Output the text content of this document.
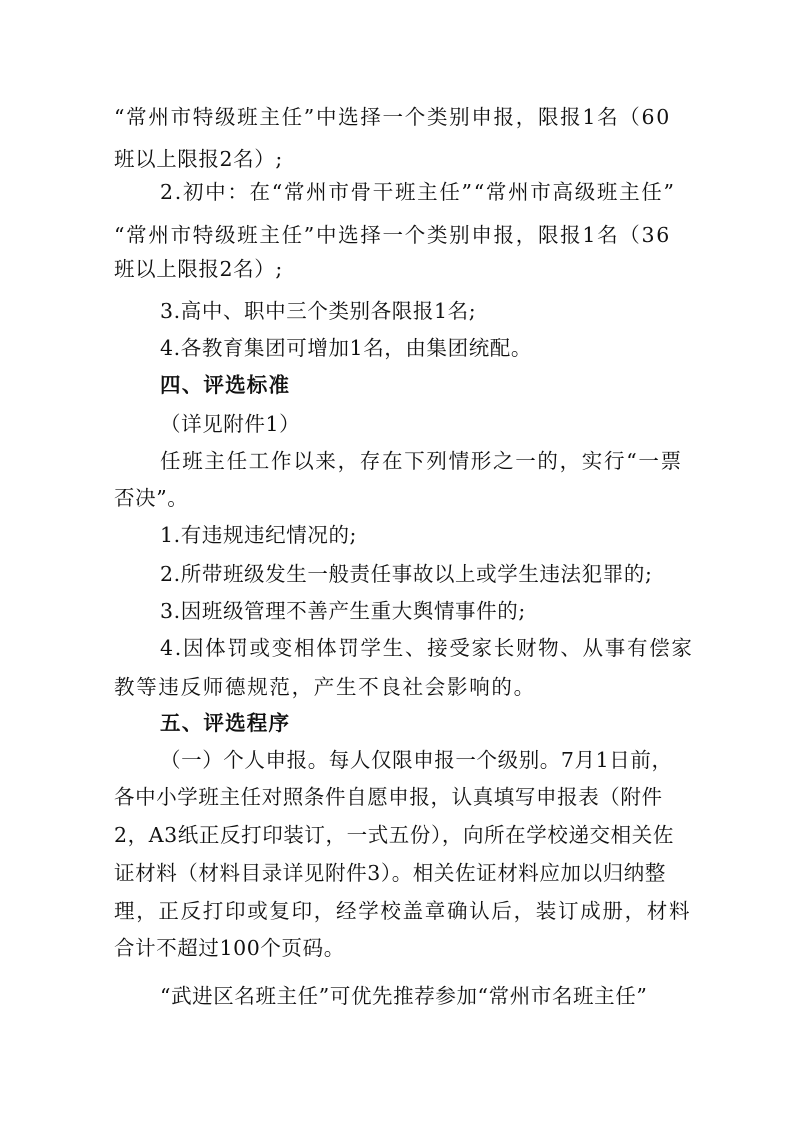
“常州市特级班主任”中选择一个类别申报，限报1名（60
班以上限报2名）;
2.初中：在“常州市骨干班主任”“常州市高级班主任”
“常州市特级班主任”中选择一个类别申报，限报1名（36
班以上限报2名）;
3.高中、职中三个类别各限报1名;
4.各教育集团可增加1名，由集团统配。
四、评选标准
（详见附件1）
任班主任工作以来，存在下列情形之一的，实行“一票
否决”。
1.有违规违纪情况的;
2.所带班级发生一般责任事故以上或学生违法犯罪的;
3.因班级管理不善产生重大舆情事件的;
4.因体罚或变相体罚学生、接受家长财物、从事有偿家
教等违反师德规范，产生不良社会影响的。
五、评选程序
（一）个人申报。每人仅限申报一个级别。7月1日前，
各中小学班主任对照条件自愿申报，认真填写申报表（附件
2，A3纸正反打印装订，一式五份），向所在学校递交相关佐
证材料（材料目录详见附件3）。相关佐证材料应加以归纳整
理，正反打印或复印，经学校盖章确认后，装订成册，材料
合计不超过100个页码。
“武进区名班主任”可优先推荐参加“常州市名班主任”
